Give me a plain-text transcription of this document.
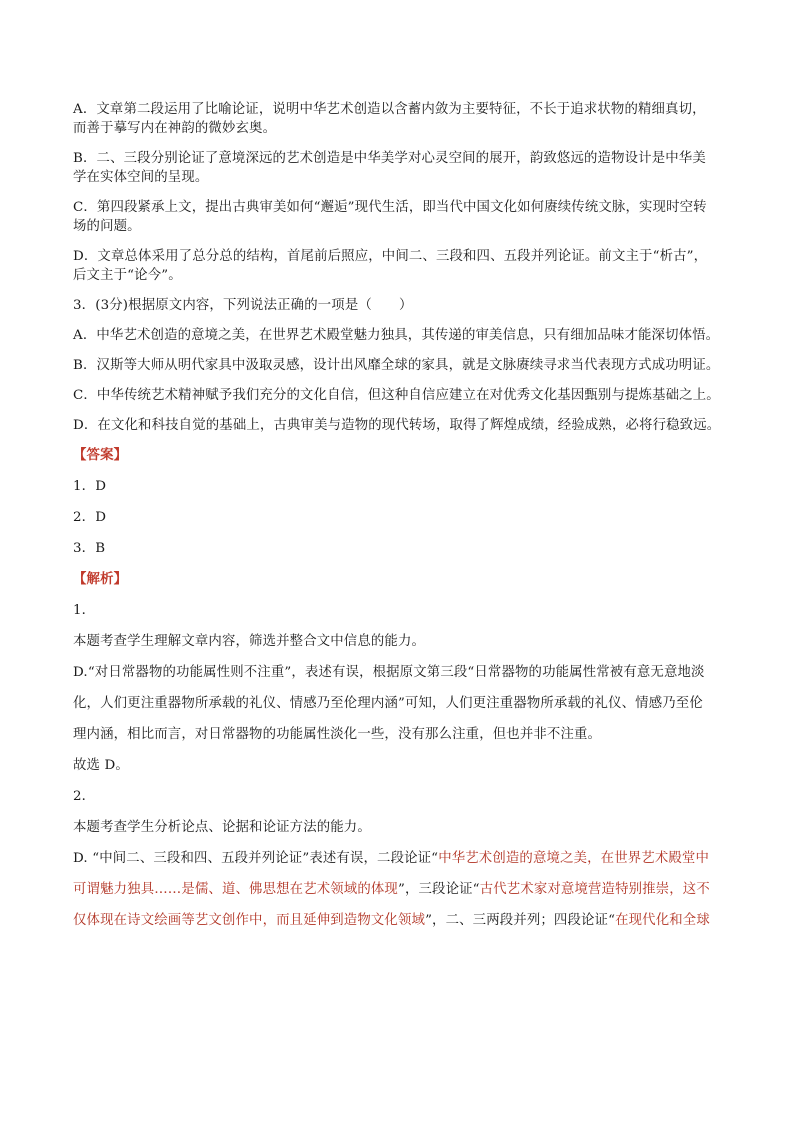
A．文章第二段运用了比喻论证，说明中华艺术创造以含蓄内敛为主要特征，不长于追求状物的精细真切，
而善于摹写内在神韵的微妙玄奥。
B．二、三段分别论证了意境深远的艺术创造是中华美学对心灵空间的展开，韵致悠远的造物设计是中华美
学在实体空间的呈现。
C．第四段紧承上文，提出古典审美如何“邂逅”现代生活，即当代中国文化如何赓续传统文脉，实现时空转
场的问题。
D．文章总体采用了总分总的结构，首尾前后照应，中间二、三段和四、五段并列论证。前文主于“析古”，
后文主于“论今”。
3．(3分)根据原文内容，下列说法正确的一项是（　　）
A．中华艺术创造的意境之美，在世界艺术殿堂魅力独具，其传递的审美信息，只有细加品味才能深切体悟。
B．汉斯等大师从明代家具中汲取灵感，设计出风靡全球的家具，就是文脉赓续寻求当代表现方式成功明证。
C．中华传统艺术精神赋予我们充分的文化自信，但这种自信应建立在对优秀文化基因甄别与提炼基础之上。
D．在文化和科技自觉的基础上，古典审美与造物的现代转场，取得了辉煌成绩，经验成熟，必将行稳致远。
【答案】
1．D
2．D
3．B
【解析】
1．
本题考查学生理解文章内容，筛选并整合文中信息的能力。
D.“对日常器物的功能属性则不注重”，表述有误，根据原文第三段“日常器物的功能属性常被有意无意地淡
化，人们更注重器物所承载的礼仪、情感乃至伦理内涵”可知，人们更注重器物所承载的礼仪、情感乃至伦
理内涵，相比而言，对日常器物的功能属性淡化一些，没有那么注重，但也并非不注重。
故选 D。
2．
本题考查学生分析论点、论据和论证方法的能力。
D. “中间二、三段和四、五段并列论证”表述有误，二段论证“中华艺术创造的意境之美，在世界艺术殿堂中
可谓魅力独具……是儒、道、佛思想在艺术领域的体现”，三段论证“古代艺术家对意境营造特别推崇，这不
仅体现在诗文绘画等艺文创作中，而且延伸到造物文化领域”，二、三两段并列；四段论证“在现代化和全球
